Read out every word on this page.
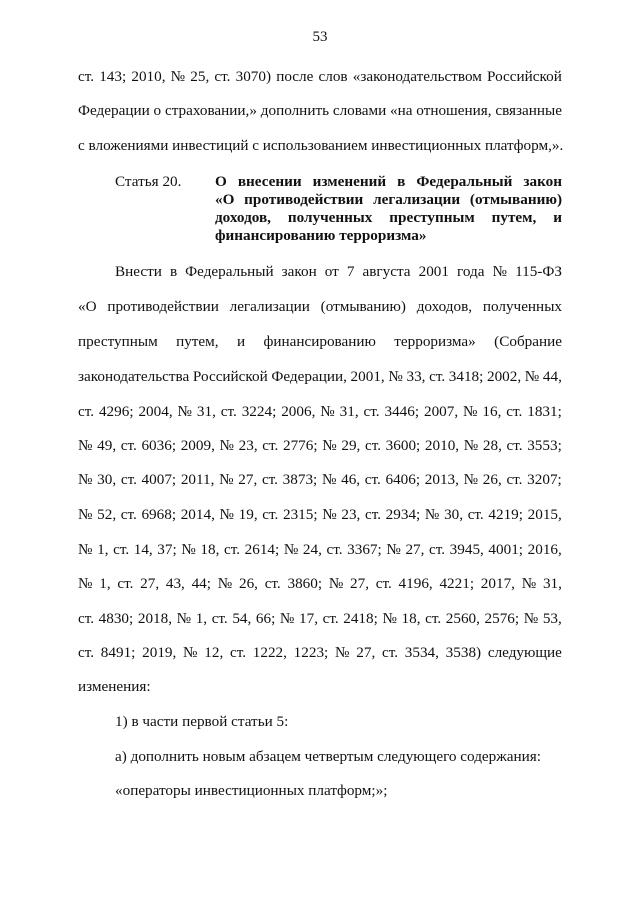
53
ст. 143; 2010, № 25, ст. 3070) после слов «законодательством Российской
Федерации о страховании,» дополнить словами «на отношения, связанные
с вложениями инвестиций с использованием инвестиционных платформ,».
О внесении изменений в Федеральный закон
«О противодействии легализации (отмыванию)
доходов, полученных преступным путем, и
финансированию терроризма»
Внести в Федеральный закон от 7 августа 2001 года № 115-ФЗ
«О противодействии легализации (отмыванию) доходов, полученных
преступным путем, и финансированию терроризма» (Собрание
законодательства Российской Федерации, 2001, № 33, ст. 3418; 2002, № 44,
ст. 4296; 2004, № 31, ст. 3224; 2006, № 31, ст. 3446; 2007, № 16, ст. 1831;
№ 49, ст. 6036; 2009, № 23, ст. 2776; № 29, ст. 3600; 2010, № 28, ст. 3553;
№ 30, ст. 4007; 2011, № 27, ст. 3873; № 46, ст. 6406; 2013, № 26, ст. 3207;
№ 52, ст. 6968; 2014, № 19, ст. 2315; № 23, ст. 2934; № 30, ст. 4219; 2015,
№ 1, ст. 14, 37; № 18, ст. 2614; № 24, ст. 3367; № 27, ст. 3945, 4001; 2016,
№ 1, ст. 27, 43, 44; № 26, ст. 3860; № 27, ст. 4196, 4221; 2017, № 31,
ст. 4830; 2018, № 1, ст. 54, 66; № 17, ст. 2418; № 18, ст. 2560, 2576; № 53,
ст. 8491; 2019, № 12, ст. 1222, 1223; № 27, ст. 3534, 3538) следующие
изменения:
1) в части первой статьи 5:
а) дополнить новым абзацем четвертым следующего содержания:
«операторы инвестиционных платформ;»;
Статья 20.
